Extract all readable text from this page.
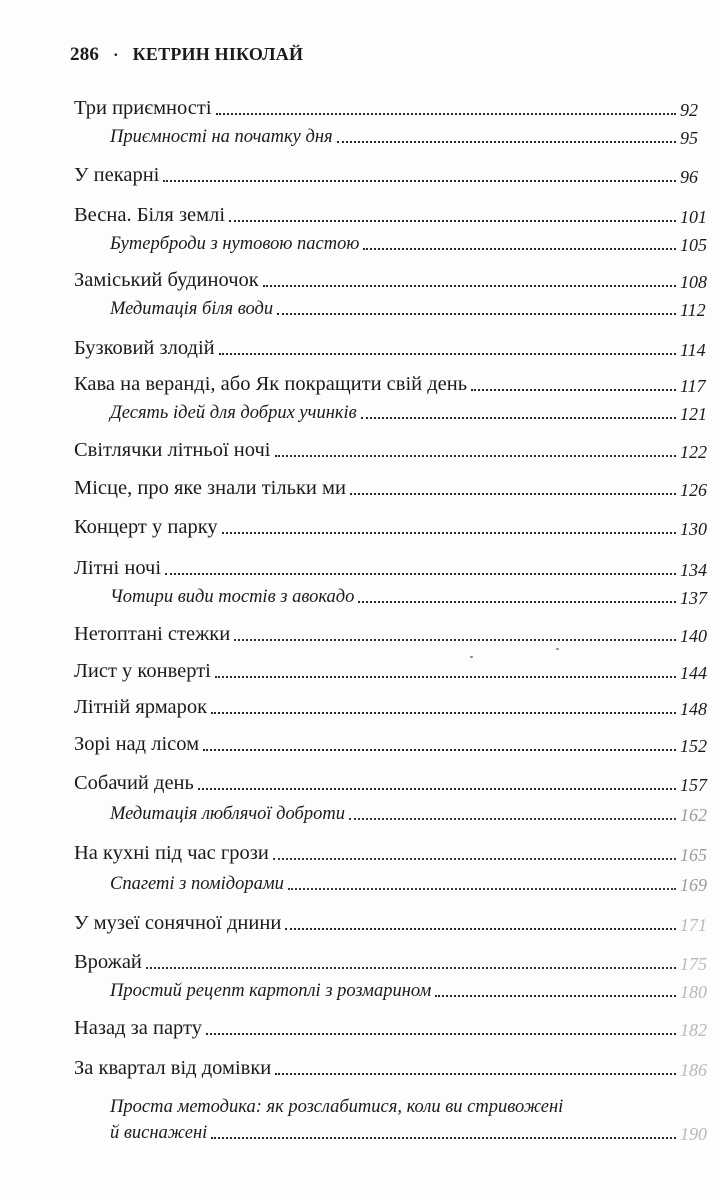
286 · КЕТРИН НІКОЛАЙ
Три приємності	92
Приємності на початку дня	95
У пекарні	96
Весна. Біля землі	101
Бутерброди з нутовою пастою	105
Заміський будиночок	108
Медитація біля води	112
Бузковий злодій	114
Кава на веранді, або Як покращити свій день	117
Десять ідей для добрих учинків	121
Світлячки літньої ночі	122
Місце, про яке знали тільки ми	126
Концерт у парку	130
Літні ночі	134
Чотири види тостів з авокадо	137
Нетоптані стежки	140
Лист у конверті	144
Літній ярмарок	148
Зорі над лісом	152
Собачий день	157
Медитація люблячої доброти	162
На кухні під час грози	165
Спагеті з помідорами	169
У музеї сонячної днини	171
Врожай	175
Простий рецепт картоплі з розмарином	180
Назад за парту	182
За квартал від домівки	186
Проста методика: як розслабитися, коли ви стривожені
й виснажені	190
